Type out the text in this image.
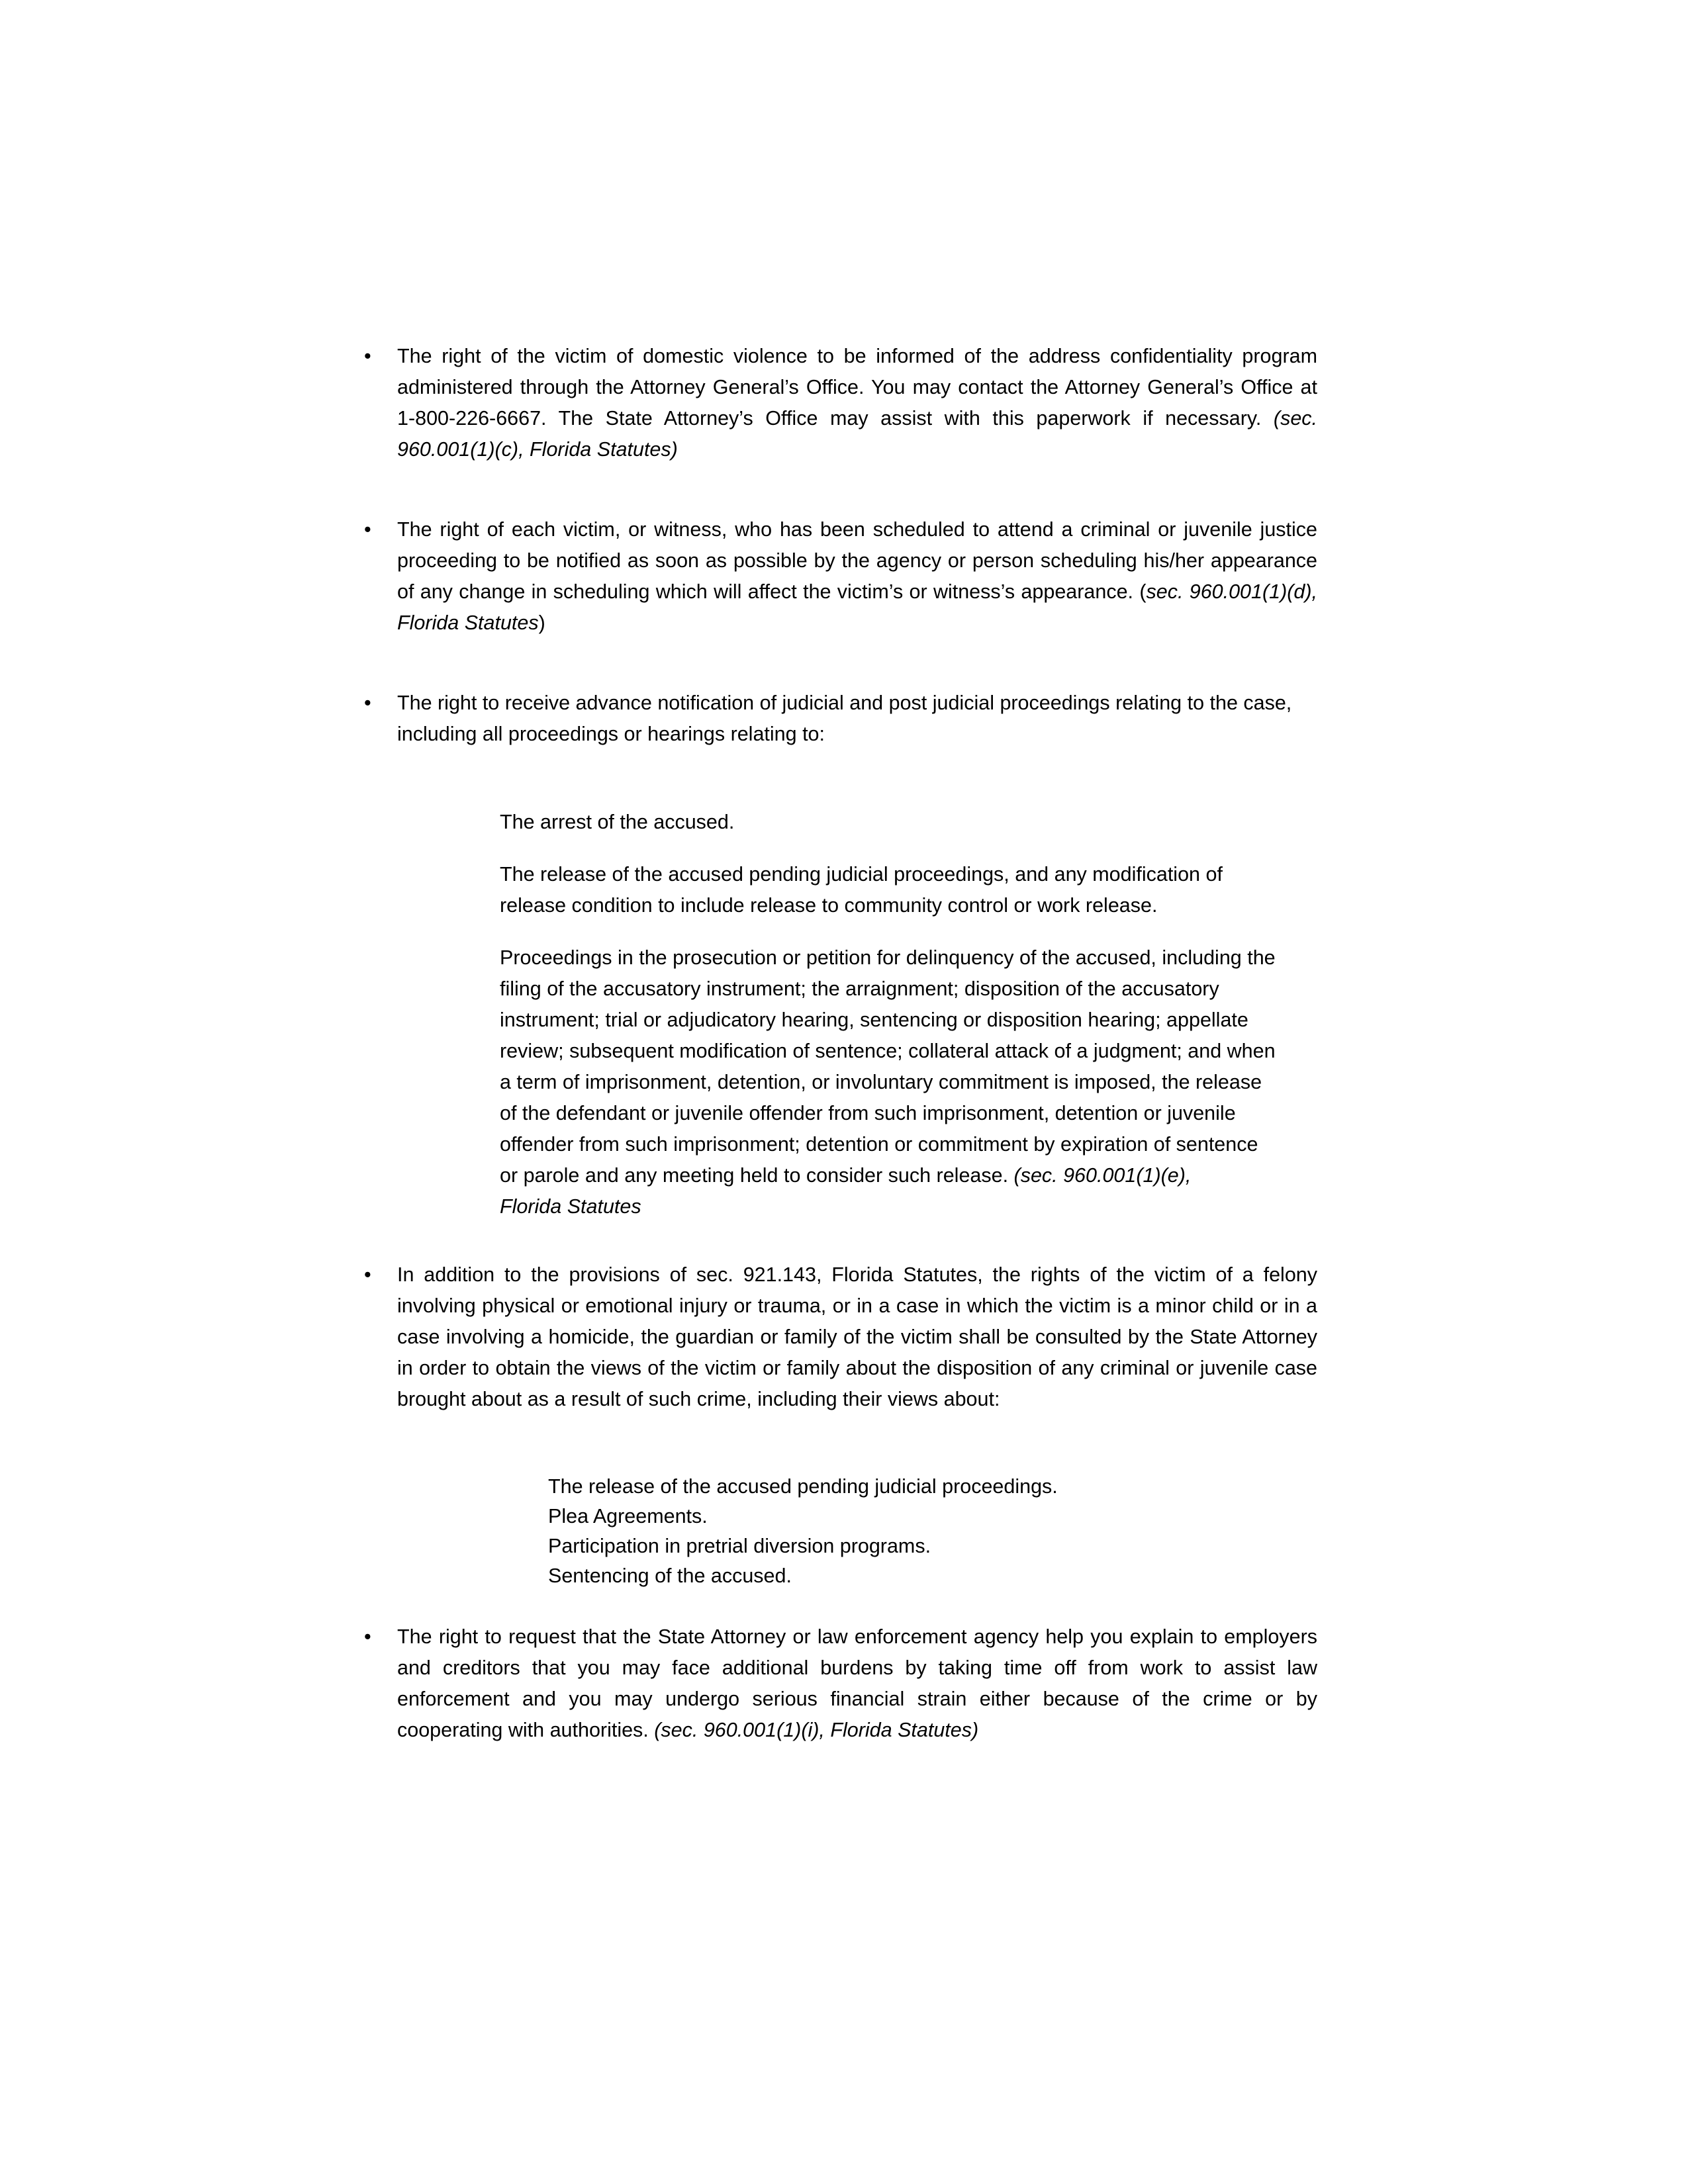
•	The right of the victim of domestic violence to be informed of the address confidentiality program administered through the Attorney General’s Office. You may contact the Attorney General’s Office at 1-800-226-6667. The State Attorney’s Office may assist with this paperwork if necessary. (sec. 960.001(1)(c), Florida Statutes)
•	The right of each victim, or witness, who has been scheduled to attend a criminal or juvenile justice proceeding to be notified as soon as possible by the agency or person scheduling his/her appearance of any change in scheduling which will affect the victim’s or witness’s appearance. (sec. 960.001(1)(d), Florida Statutes)
•	The right to receive advance notification of judicial and post judicial proceedings relating to the case, including all proceedings or hearings relating to:
The arrest of the accused.
The release of the accused pending judicial proceedings, and any modification of release condition to include release to community control or work release.
Proceedings in the prosecution or petition for delinquency of the accused, including the filing of the accusatory instrument; the arraignment; disposition of the accusatory instrument; trial or adjudicatory hearing, sentencing or disposition hearing; appellate review; subsequent modification of sentence; collateral attack of a judgment; and when a term of imprisonment, detention, or involuntary commitment is imposed, the release of the defendant or juvenile offender from such imprisonment, detention or juvenile offender from such imprisonment; detention or commitment by expiration of sentence or parole and any meeting held to consider such release. (sec. 960.001(1)(e),
Florida Statutes
•	In addition to the provisions of sec. 921.143, Florida Statutes, the rights of the victim of a felony involving physical or emotional injury or trauma, or in a case in which the victim is a minor child or in a case involving a homicide, the guardian or family of the victim shall be consulted by the State Attorney in order to obtain the views of the victim or family about the disposition of any criminal or juvenile case brought about as a result of such crime, including their views about:
The release of the accused pending judicial proceedings.
Plea Agreements.
Participation in pretrial diversion programs.
Sentencing of the accused.
•	The right to request that the State Attorney or law enforcement agency help you explain to employers and creditors that you may face additional burdens by taking time off from work to assist law enforcement and you may undergo serious financial strain either because of the crime or by cooperating with authorities. (sec. 960.001(1)(i), Florida Statutes)
